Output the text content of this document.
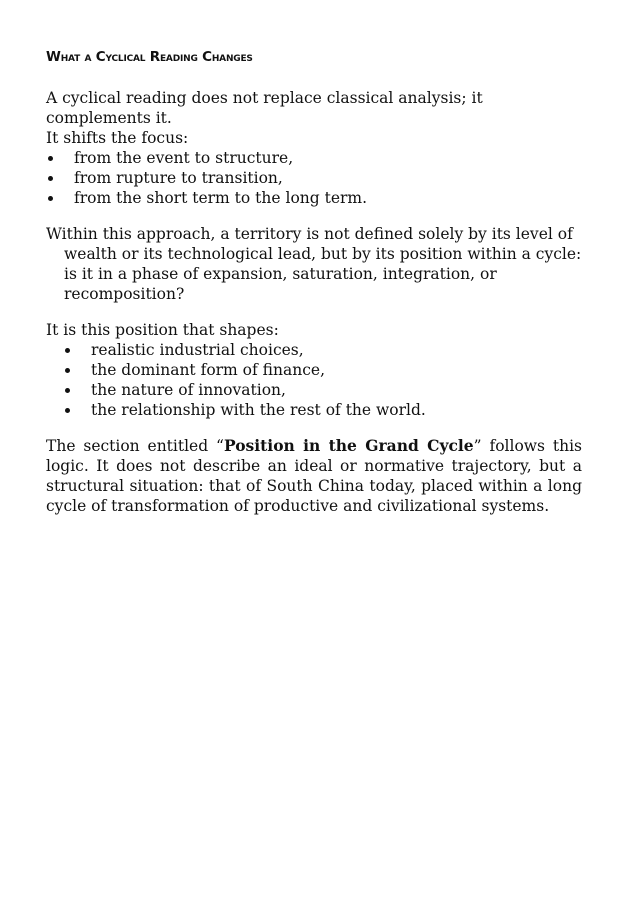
What a Cyclical Reading Changes

A cyclical reading does not replace classical analysis; it complements it.
It shifts the focus:

from the event to structure,
from rupture to transition,
from the short term to the long term.

Within this approach, a territory is not defined solely by its level of wealth or its technological lead, but by its position within a cycle: is it in a phase of expansion, saturation, integration, or recomposition?

It is this position that shapes:

realistic industrial choices,
the dominant form of finance,
the nature of innovation,
the relationship with the rest of the world.

The section entitled “Position in the Grand Cycle” follows this logic. It does not describe an ideal or normative trajectory, but a structural situation: that of South China today, placed within a long cycle of transformation of productive and civilizational systems.
